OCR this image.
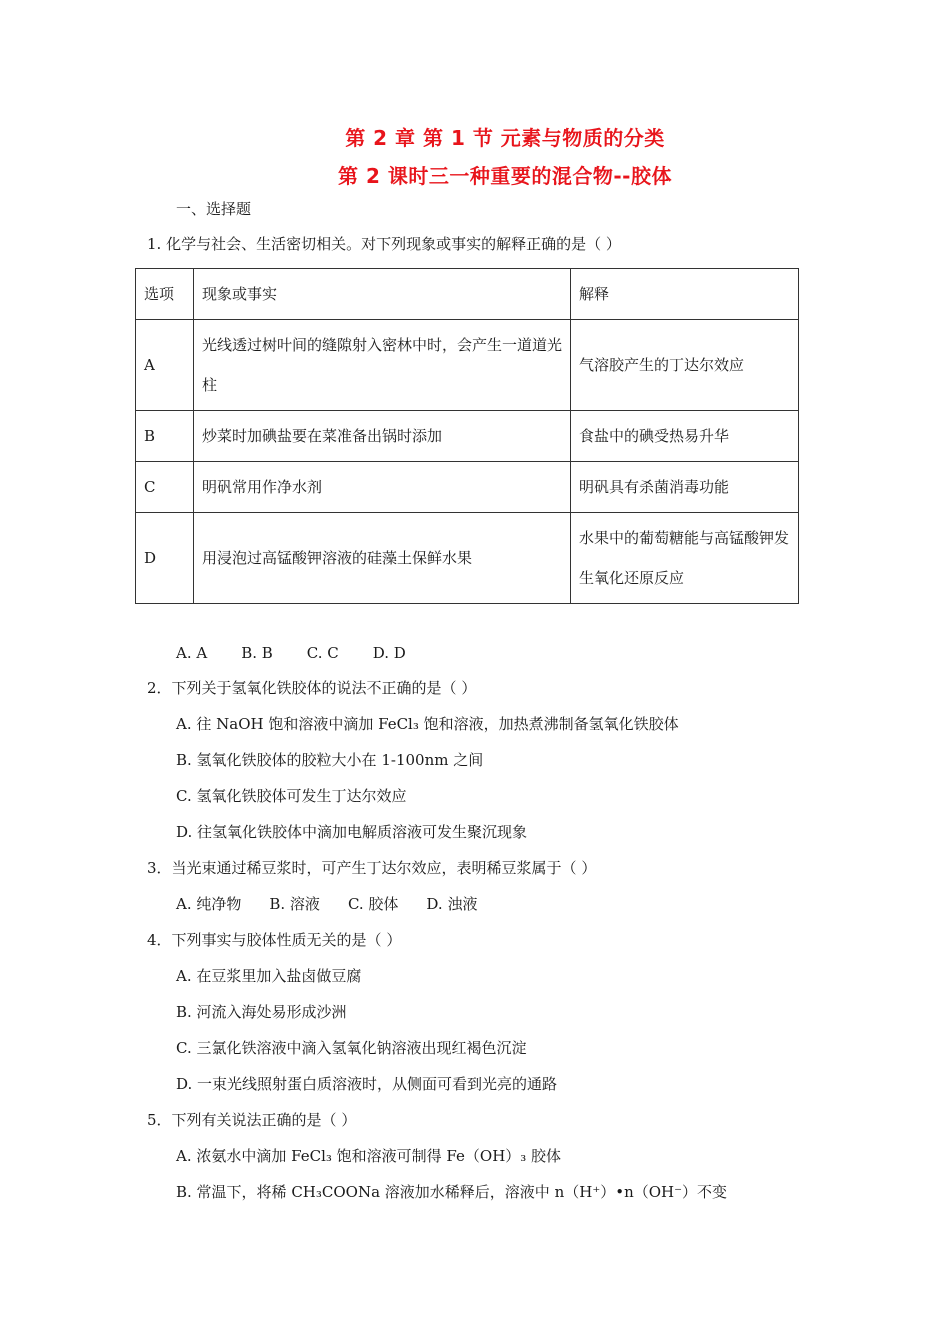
第 2 章 第 1 节 元素与物质的分类
第 2 课时三一种重要的混合物--胶体
一、选择题
1. 化学与社会、生活密切相关。对下列现象或事实的解释正确的是（ ）
选项	现象或事实	解释
A	光线透过树叶间的缝隙射入密林中时，会产生一道道光柱	气溶胶产生的丁达尔效应
B	炒菜时加碘盐要在菜准备出锅时添加	食盐中的碘受热易升华
C	明矾常用作净水剂	明矾具有杀菌消毒功能
D	用浸泡过高锰酸钾溶液的硅藻土保鲜水果	水果中的葡萄糖能与高锰酸钾发生氧化还原反应
A. A B. B C. C D. D
2．下列关于氢氧化铁胶体的说法不正确的是（ ）
A. 往 NaOH 饱和溶液中滴加 FeCl₃ 饱和溶液，加热煮沸制备氢氧化铁胶体
B. 氢氧化铁胶体的胶粒大小在 1-100nm 之间
C. 氢氧化铁胶体可发生丁达尔效应
D. 往氢氧化铁胶体中滴加电解质溶液可发生聚沉现象
3．当光束通过稀豆浆时，可产生丁达尔效应，表明稀豆浆属于（ ）
A. 纯净物 B. 溶液 C. 胶体 D. 浊液
4．下列事实与胶体性质无关的是（ ）
A. 在豆浆里加入盐卤做豆腐
B. 河流入海处易形成沙洲
C. 三氯化铁溶液中滴入氢氧化钠溶液出现红褐色沉淀
D. 一束光线照射蛋白质溶液时，从侧面可看到光亮的通路
5．下列有关说法正确的是（ ）
A. 浓氨水中滴加 FeCl₃ 饱和溶液可制得 Fe（OH）₃ 胶体
B. 常温下，将稀 CH₃COONa 溶液加水稀释后，溶液中 n（H⁺）•n（OH⁻）不变
